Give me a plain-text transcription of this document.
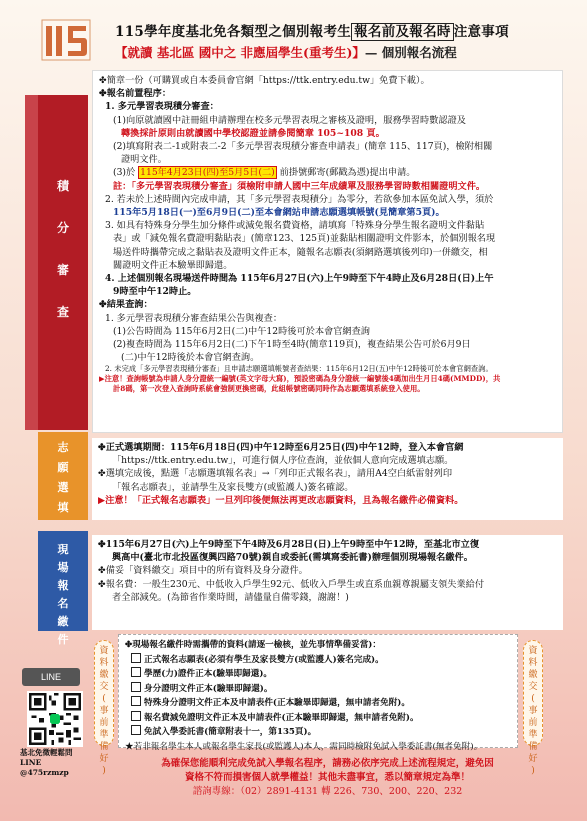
115學年度基北免各類型之個別報考生 報名前及報名時 注意事項
【就讀 基北區 國中之 非應屆學生(重考生)】— 個別報名流程
積
分
審
查
志
願
選
填
現
場
報
名
繳
件
✤簡章一份（可購買或自本委員會官網「https://ttk.entry.edu.tw」免費下載）。
✤報名前置程序：
1. 多元學習表現積分審查：
(1)向原就讀國中註冊組申請辦理在校多元學習表現之審核及證明，服務學習時數認證及
轉換採計原則由就讀國中學校認證並請參閱簡章 105~108 頁。
(2)填寫附表二-1或附表二-2「多元學習表現積分審查申請表」(簡章 115、117頁)，檢附相關
證明文件。
(3)於 115年4月23日(四)至5月5日(二) 前掛號郵寄(郵戳為憑)提出申請。
註：「多元學習表現積分審查」須檢附申請人國中三年成績單及服務學習時數相關證明文件。
2. 若未於上述時間內完成申請，其「多元學習表現積分」為零分，若欲參加本區免試入學，須於
115年5月18日(一)至6月9日(二)至本會網站申請志願選填帳號(見簡章第5頁)。
3. 如具有特殊身分學生加分條件或減免報名費資格，請填寫「特殊身分學生報名證明文件黏貼
表」或「減免報名費證明黏貼表」(簡章123、125頁)並黏貼相關證明文件影本，於個別報名現
場送件時攜帶完成之黏貼表及證明文件正本，隨報名志願表(須網路選填後列印)一併繳交，相
關證明文件正本驗畢即歸還。
4. 上述個別報名現場送件時間為 115年6月27日(六)上午9時至下午4時止及6月28日(日)上午
9時至中午12時止。
✤結果查詢：
1. 多元學習表現積分審查結果公告與複查：
(1)公告時間為 115年6月2日(二)中午12時後可於本會官網查詢
(2)複查時間為 115年6月2日(二)下午1時至4時(簡章119頁)，複查結果公告可於6月9日
(二)中午12時後於本會官網查詢。
2. 未完成「多元學習表現積分審查」且申請志願選填帳號者查結果：115年6月12日(五)中午12時後可於本會官網查詢。
▶注意！查詢帳號為申請人身分證統一編號(英文字母大寫)，預設密碼為身分證統一編號後4碼加出生月日4碼(MMDD)，共
計8碼，第一次登入查詢時系統會強制更換密碼，此組帳號密碼同時作為志願選填系統登入使用。
✤正式選填期間：115年6月18日(四)中午12時至6月25日(四)中午12時，登入本會官網
「https://ttk.entry.edu.tw」，可進行個人序位查詢，並依個人意向完成選填志願。
✤選填完成後，點選「志願選填報名表」→「列印正式報名表」，請用A4空白紙雷射列印
「報名志願表」，並請學生及家長雙方(或監護人)簽名確認。
▶注意！「正式報名志願表」一旦列印後便無法再更改志願資料，且為報名繳件必備資料。
✤115年6月27日(六)上午9時至下午4時及6月28日(日)上午9時至中午12時，至基北市立復
興高中(臺北市北投區復興四路70號)親自或委託(需填寫委託書)辦理個別現場報名繳件。
✤備妥「資料繳交」項目中的所有資料及身分證件。
✤報名費：一般生230元、中低收入戶學生92元、低收入戶學生或直系血親尊親屬支領失業給付
者全部減免。(為節省作業時間，請儘量自備零錢，謝謝！)
資
料
繳
交
(
事
前
準
備
好
)
資
料
繳
交
(
事
前
準
備
好
)
✤現場報名繳件時需攜帶的資料(請逐一檢核，並先事情準備妥當)：
正式報名志願表(必須有學生及家長雙方(或監護人)簽名完成)。
學歷(力)證件正本(驗畢即歸還)。
身分證明文件正本(驗畢即歸還)。
特殊身分證明文件正本及申請表件(正本驗畢即歸還，無申請者免附)。
報名費減免證明文件正本及申請表件(正本驗畢即歸還，無申請者免附)。
免試入學委託書(簡章附表十一，第135頁)。
★若非報名學生本人或報名學生家長(或監護人)本人，需同時檢附免試入學委託書(無者免附)。
LINE
基北免徵輕鬆問LINE
@475rzmzp
為確保您能順利完成免試入學報名程序，請務必依序完成上述流程規定，避免因
資格不符而損害個人就學權益！其他未盡事宜，悉以簡章規定為準！
諮詢專線：（02）2891-4131 轉 226、730、200、220、232
